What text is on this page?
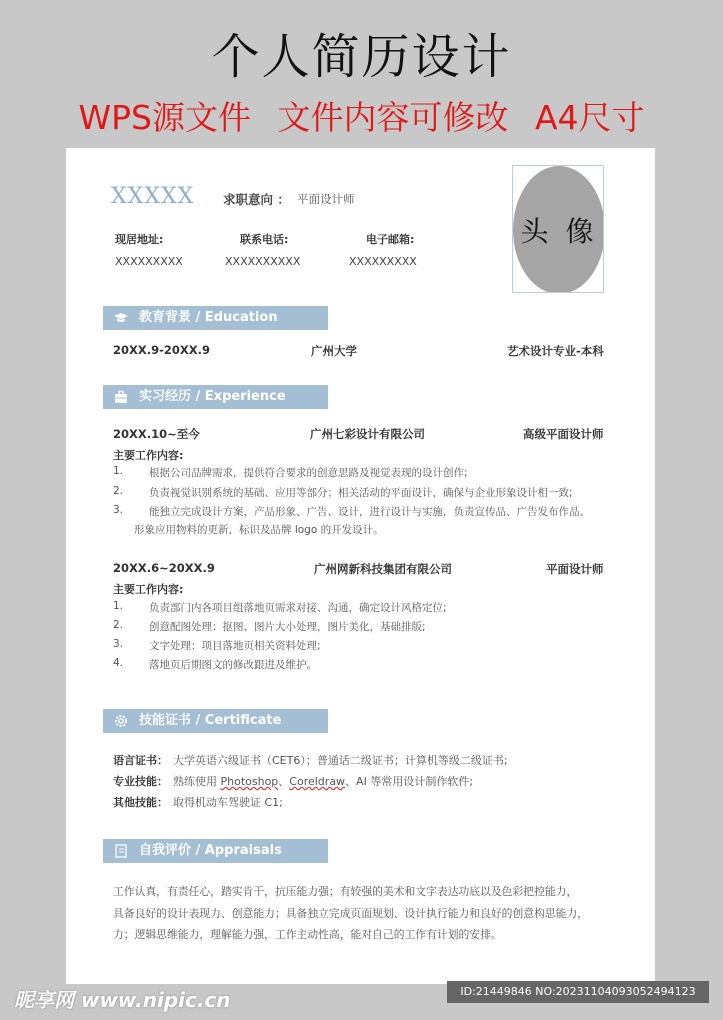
个人简历设计
WPS源文件 文件内容可修改 A4尺寸
XXXXX 求职意向 ： 平面设计师
现居地址:	联系电话:	电子邮箱:
XXXXXXXXX	XXXXXXXXXX	XXXXXXXXX
头 像
教育背景 / Education
20XX.9-20XX.9	广州大学	艺术设计专业-本科
实习经历 / Experience
20XX.10~至今	广州七彩设计有限公司	高级平面设计师
主要工作内容:
1. 根据公司品牌需求，提供符合要求的创意思路及视觉表现的设计创作;
2. 负责视觉识别系统的基础、应用等部分；相关活动的平面设计，确保与企业形象设计相一致;
3. 能独立完成设计方案，产品形象、广告、设计，进行设计与实施，负责宣传品、广告发布作品、
形象应用物料的更新，标识及品牌 logo 的开发设计。
20XX.6~20XX.9	广州网新科技集团有限公司	平面设计师
主要工作内容:
1. 负责部门内各项目组落地页需求对接、沟通，确定设计风格定位;
2. 创意配图处理：抠图、图片大小处理，图片美化，基础排版;
3. 文字处理：项目落地页相关资料处理;
4. 落地页后期图文的修改跟进及维护。
技能证书 / Certificate
语言证书： 大学英语六级证书（CET6）；普通话二级证书；计算机等级二级证书;
专业技能： 熟练使用 Photoshop、Coreldraw、AI 等常用设计制作软件;
其他技能： 取得机动车驾驶证 C1;
自我评价 / Appraisals
工作认真，有责任心，踏实肯干，抗压能力强；有较强的美术和文字表达功底以及色彩把控能力，
具备良好的设计表现力、创意能力；具备独立完成页面规划、设计执行能力和良好的创意构思能力，
力；逻辑思维能力，理解能力强，工作主动性高，能对自己的工作有计划的安排。
昵享网 www.nipic.cn	ID:21449846 NO:20231104093052494123
